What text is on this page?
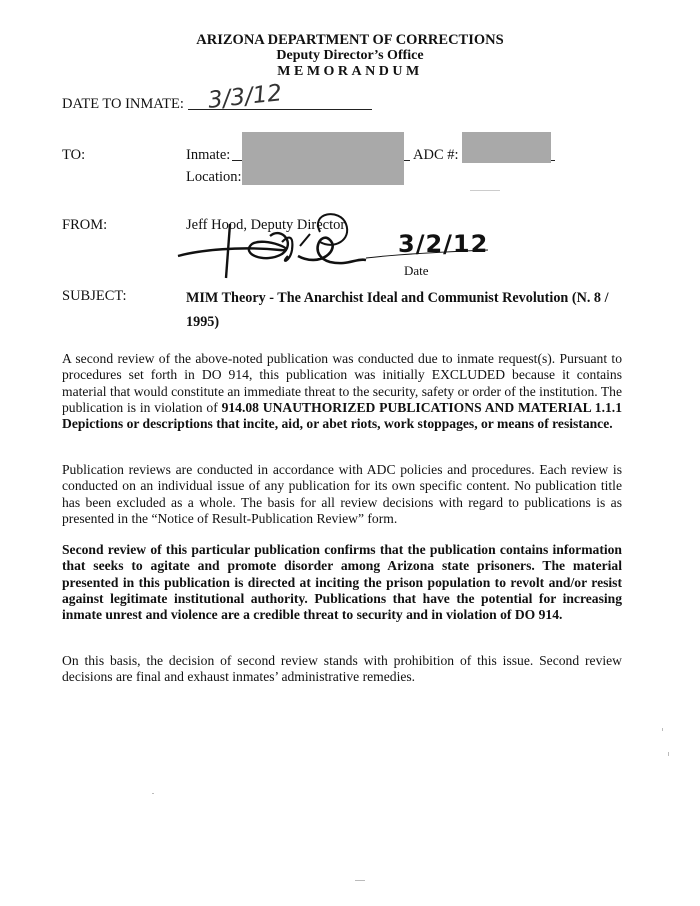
ARIZONA DEPARTMENT OF CORRECTIONS
Deputy Director’s Office
MEMORANDUM
DATE TO INMATE: 3/3/12
TO:	Inmate:	ADC #:
Location:
FROM:	Jeff Hood, Deputy Director
3/2/12
Date
SUBJECT:	MIM Theory - The Anarchist Ideal and Communist Revolution (N. 8 / 1995)

A second review of the above-noted publication was conducted due to inmate request(s). Pursuant to procedures set forth in DO 914, this publication was initially EXCLUDED because it contains material that would constitute an immediate threat to the security, safety or order of the institution. The publication is in violation of 914.08 UNAUTHORIZED PUBLICATIONS AND MATERIAL 1.1.1 Depictions or descriptions that incite, aid, or abet riots, work stoppages, or means of resistance.

Publication reviews are conducted in accordance with ADC policies and procedures. Each review is conducted on an individual issue of any publication for its own specific content. No publication title has been excluded as a whole. The basis for all review decisions with regard to publications is as presented in the “Notice of Result-Publication Review” form.

Second review of this particular publication confirms that the publication contains information that seeks to agitate and promote disorder among Arizona state prisoners. The material presented in this publication is directed at inciting the prison population to revolt and/or resist against legitimate institutional authority. Publications that have the potential for increasing inmate unrest and violence are a credible threat to security and in violation of DO 914.

On this basis, the decision of second review stands with prohibition of this issue. Second review decisions are final and exhaust inmates’ administrative remedies.
